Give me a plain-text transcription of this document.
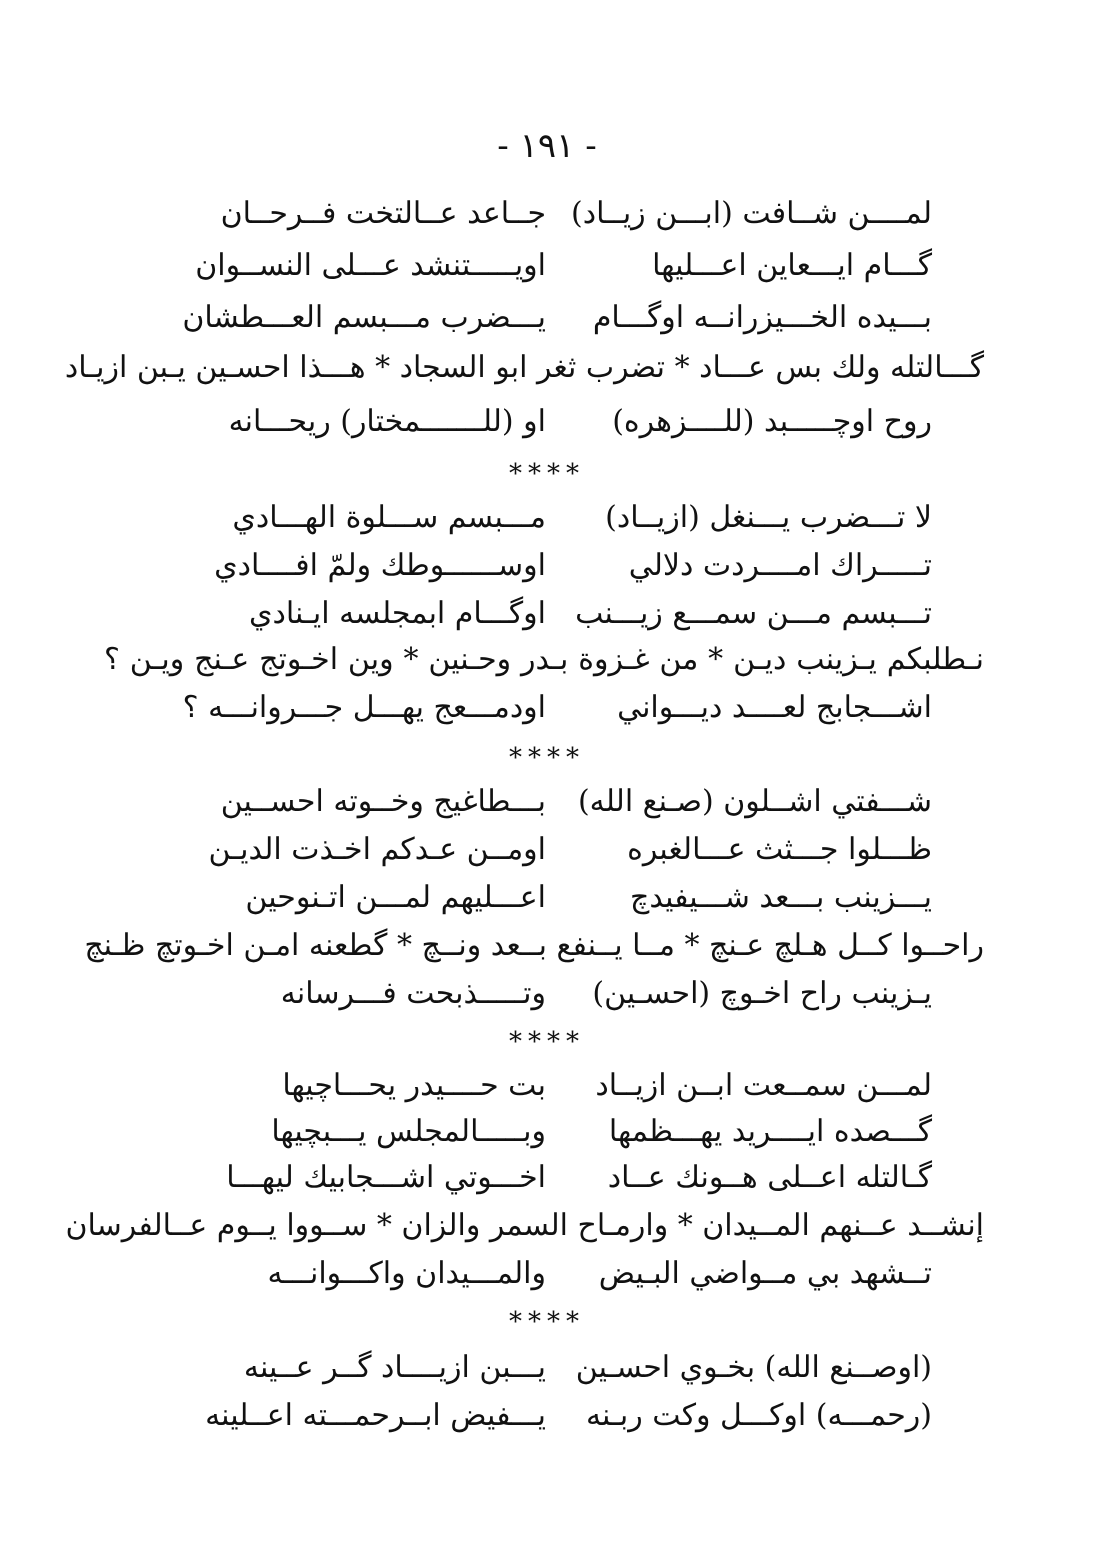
- ١٩١ -
لمــــن شــافت (ابـــن زيــاد)
جــاعد عــالتخت فــرحــان
گـــام ايـــعاين اعـــليها
اويـــــتنشد عـــلى النســوان
بـــيده الخـــيزرانــه اوگـــام
يـــضرب مـــبسم العـــطشان
گـــالتله ولك بس عـــاد * تضرب ثغر ابو السجاد * هـــذا احسـين يـبن ازيـاد
روح اوچـــــبد (للــــزهره)
او (للـــــــمختار) ريحـــانه
****
لا تـــضرب يـــنغل (ازيــاد)
مـــبسم ســـلوة الهـــادي
تـــــراك امــــردت دلالي
اوســــــوطك ولمّ افــــادي
تـــبسم مـــن سمـــع زيـــنب
اوگـــام ابمجلسه ايـنادي
نـطلبكم يـزينب ديـن * من غـزوة بـدر وحـنين * وين اخـوتج عـنج ويـن ؟
اشـــجابج لعــــد ديـــواني
اودمـــعج يهـــل جـــروانـــه ؟
****
شـــفتي اشــلون (صـنع الله)
بـــطاغيج وخــوته احســين
ظـــلوا جـــثث عـــالغبره
اومــن عـدكم اخـذت الديـن
يـــزينب بـــعد شـــيفيدچ
اعـــليهم لمـــن اتـنوحين
راحــوا كــل هـلچ عـنچ * مــا يــنفع بــعد ونــچ * گطعنه امـن اخـوتچ ظـنچ
يـزينب راح اخـوچ (احسـين)
وتـــــذبحت فـــرسانه
****
لمـــن سمــعت ابــن ازيــاد
بت حــــيدر يحـــاچيها
گـــصده ايــــريد يهـــظمها
وبـــــالمجلس يـــبچيها
گـالتله اعــلى هــونك عــاد
اخـــوتي اشـــجابيك ليهـــا
إنشــد عــنهم المــيدان * وارمـاح السمر والزان * ســووا يــوم عــالفرسان
تــشهد بي مــواضي البـيض
والمـــيدان واكـــوانـــه
****
(اوصــنع الله) بخـوي احسـين
يـــبن ازيــــاد گــر عــينه
(رحمـــه) اوكـــل وكت ربـنه
يـــفيض ابــرحمـــته اعــلينه
